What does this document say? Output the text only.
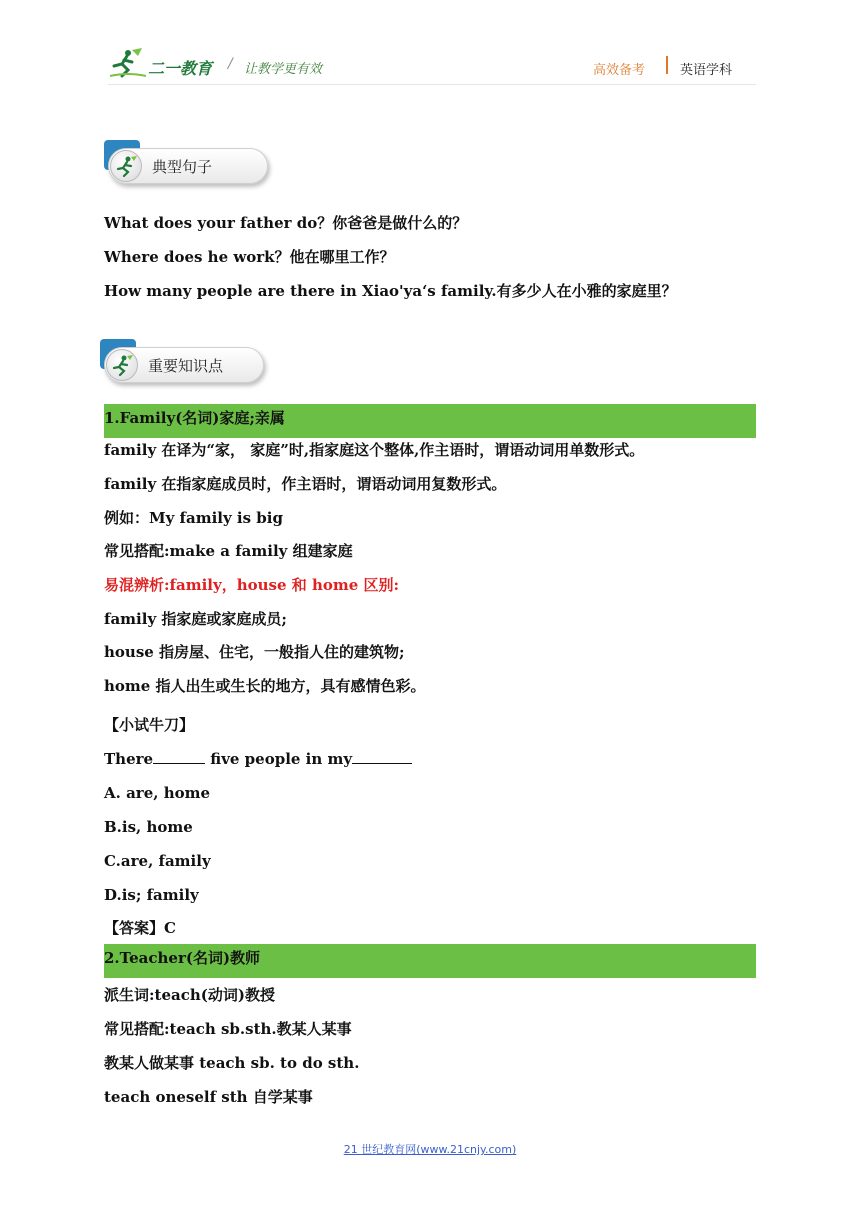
二一教育 / 让教学更有效	高效备考	英语学科
典型句子
What does your father do？你爸爸是做什么的？
Where does he work？他在哪里工作？
How many people are there in Xiao'ya‘s family.有多少人在小雅的家庭里？
重要知识点
1.Family(名词)家庭;亲属
family 在译为“家， 家庭”时,指家庭这个整体,作主语时，谓语动词用单数形式。
family 在指家庭成员时，作主语时，谓语动词用复数形式。
例如：My family is big
常见搭配:make a family 组建家庭
易混辨析:family，house 和 home 区别:
family 指家庭或家庭成员;
house 指房屋、住宅，一般指人住的建筑物;
home 指人出生或生长的地方，具有感情色彩。
【小试牛刀】
There	five people in my
A. are, home
B.is, home
C.are, family
D.is; family
【答案】C
2.Teacher(名词)教师
派生词:teach(动词)教授
常见搭配:teach sb.sth.教某人某事
教某人做某事 teach sb. to do sth.
teach oneself sth 自学某事
21 世纪教育网(www.21cnjy.com)
